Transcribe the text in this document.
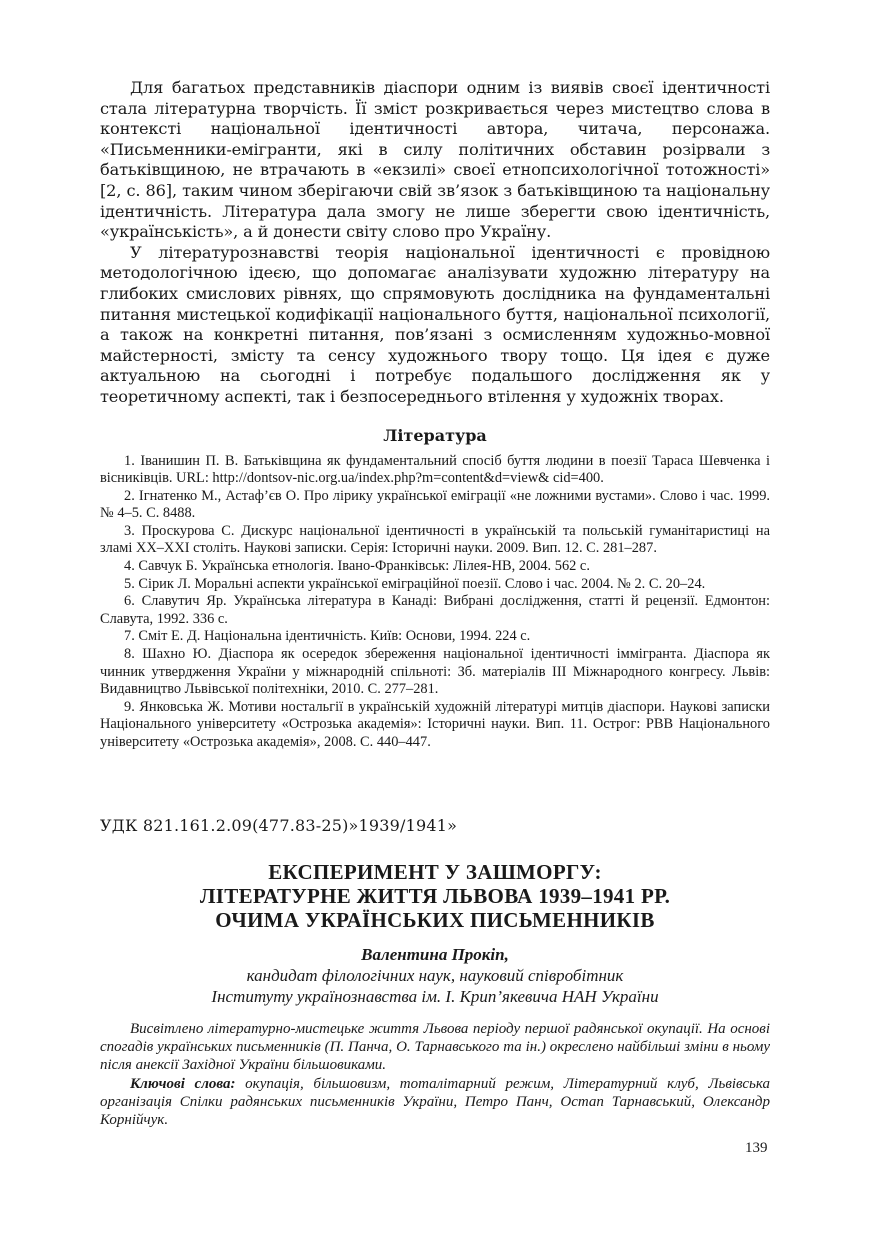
Для багатьох представників діаспори одним із виявів своєї ідентичності стала літературна творчість. Її зміст розкривається через мистецтво слова в контексті національної ідентичності автора, читача, персонажа. «Письменники-емігранти, які в силу політичних обставин розірвали з батьківщиною, не втрачають в «екзилі» своєї етнопсихологічної тотожності» [2, с. 86], таким чином зберігаючи свій зв’язок з батьківщиною та національну ідентичність. Література дала змогу не лише зберегти свою ідентичність, «українськість», а й донести світу слово про Україну.

У літературознавстві теорія національної ідентичності є провідною методологічною ідеєю, що допомагає аналізувати художню літературу на глибоких смислових рівнях, що спрямовують дослідника на фундаментальні питання мистецької кодифікації національного буття, національної психології, а також на конкретні питання, пов’язані з осмисленням художньо-мовної майстерності, змісту та сенсу художнього твору тощо. Ця ідея є дуже актуальною на сьогодні і потребує подальшого дослідження як у теоретичному аспекті, так і безпосереднього втілення у художніх творах.

Література

1. Іванишин П. В. Батьківщина як фундаментальний спосіб буття людини в поезії Тараса Шевченка і вісниківців. URL: http://dontsov-nic.org.ua/index.php?m=content&d=view& cid=400.

2. Ігнатенко М., Астаф’єв О. Про лірику української еміграції «не ложними вустами». Слово і час. 1999. № 4–5. С. 8488.

3. Проскурова С. Дискурс національної ідентичності в українській та польській гуманітаристиці на зламі XX–XXI століть. Наукові записки. Серія: Історичні науки. 2009. Вип. 12. С. 281–287.

4. Савчук Б. Українська етнологія. Івано-Франківськ: Лілея-НВ, 2004. 562 с.

5. Сірик Л. Моральні аспекти української еміграційної поезії. Слово і час. 2004. № 2. С. 20–24.

6. Славутич Яр. Українська література в Канаді: Вибрані дослідження, статті й рецензії. Едмонтон: Славута, 1992. 336 с.

7. Сміт Е. Д. Національна ідентичність. Київ: Основи, 1994. 224 с.

8. Шахно Ю. Діаспора як осередок збереження національної ідентичності іммігранта. Діаспора як чинник утвердження України у міжнародній спільноті: Зб. матеріалів III Міжнародного конгресу. Львів: Видавництво Львівської політехніки, 2010. С. 277–281.

9. Янковська Ж. Мотиви ностальгії в українській художній літературі митців діаспори. Наукові записки Національного університету «Острозька академія»: Історичні науки. Вип. 11. Острог: РВВ Національного університету «Острозька академія», 2008. С. 440–447.

УДК 821.161.2.09(477.83-25)»1939/1941»
ЕКСПЕРИМЕНТ У ЗАШМОРГУ:
ЛІТЕРАТУРНЕ ЖИТТЯ ЛЬВОВА 1939–1941 РР.
ОЧИМА УКРАЇНСЬКИХ ПИСЬМЕННИКІВ
Валентина Прокіп,
кандидат філологічних наук, науковий співробітник
Інституту українознавства ім. І. Крип’якевича НАН України

Висвітлено літературно-мистецьке життя Львова періоду першої радянської окупації. На основі спогадів українських письменників (П. Панча, О. Тарнавського та ін.) окреслено найбільші зміни в ньому після анексії Західної України більшовиками.

Ключові слова: окупація, більшовизм, тоталітарний режим, Літературний клуб, Львівська організація Спілки радянських письменників України, Петро Панч, Остап Тарнавський, Олександр Корнійчук.

139
